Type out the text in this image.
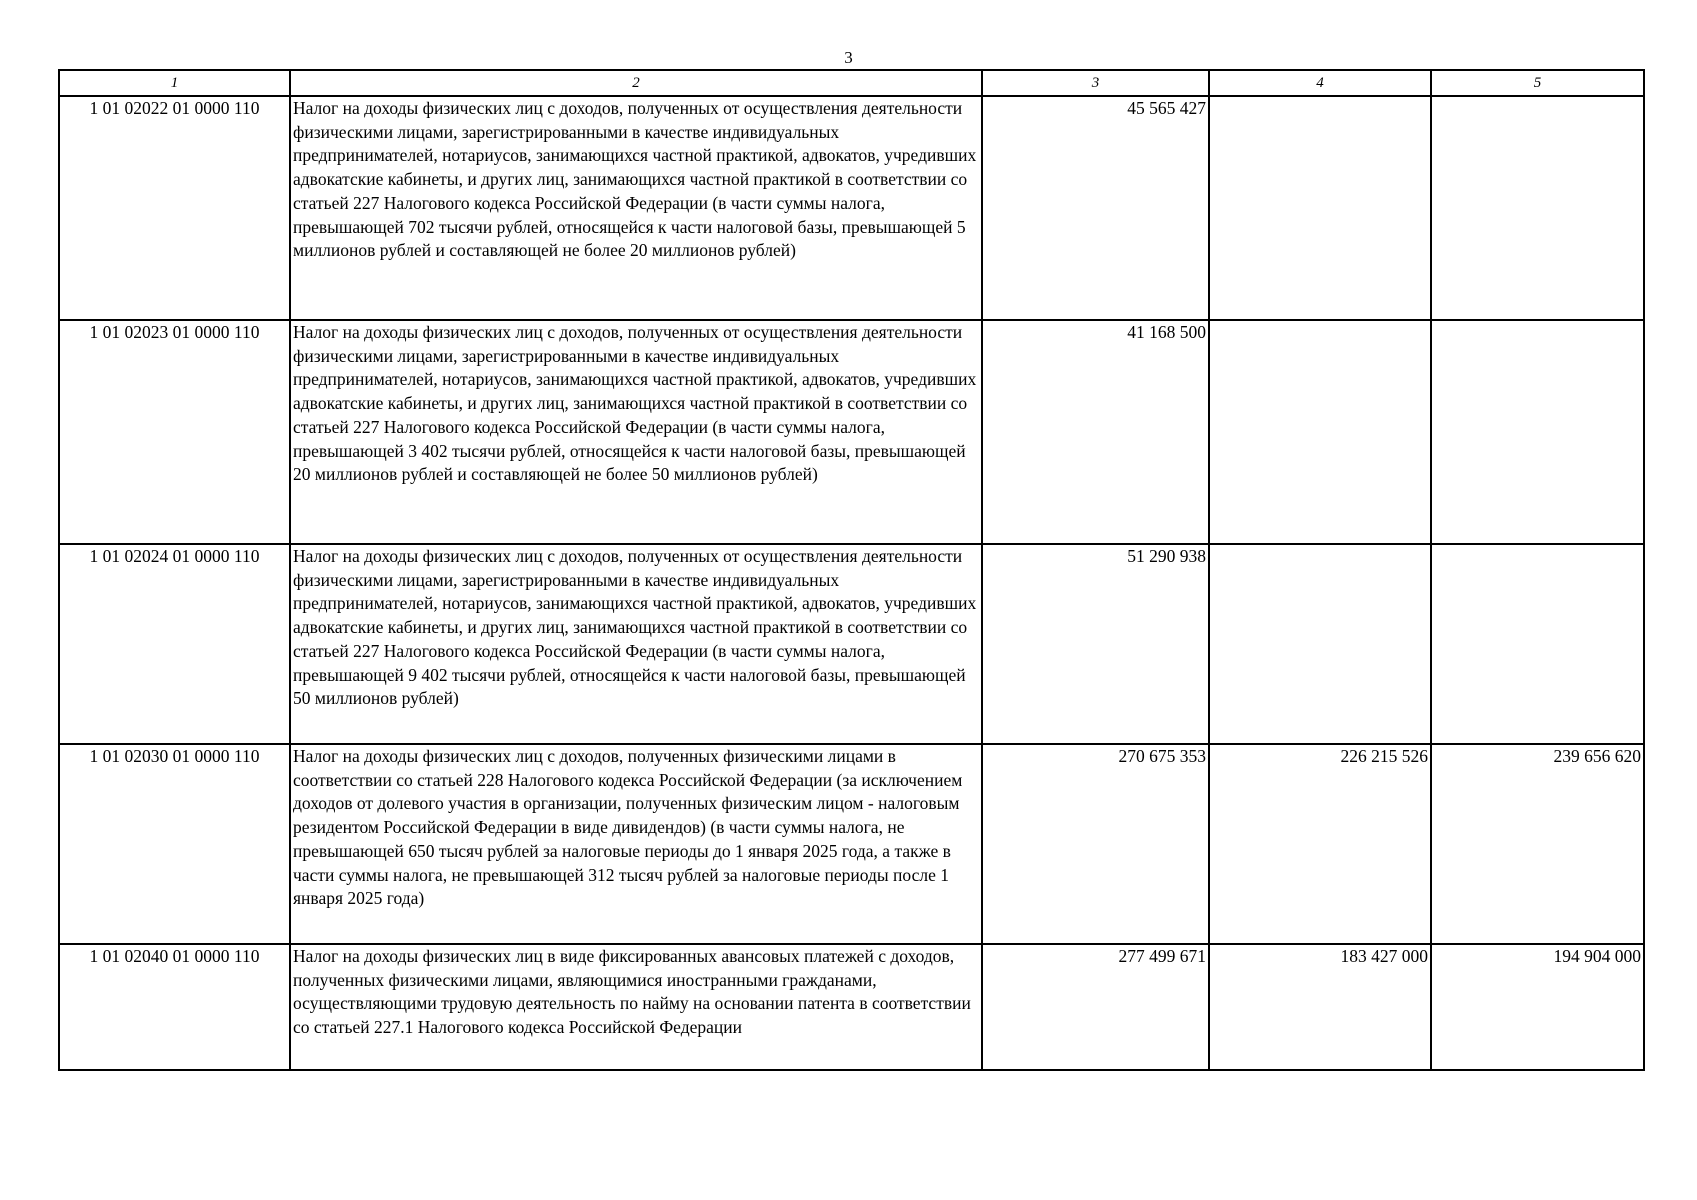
3
1	2	3	4	5
1 01 02022 01 0000 110	Налог на доходы физических лиц с доходов, полученных от осуществления деятельности физическими лицами, зарегистрированными в качестве индивидуальных предпринимателей, нотариусов, занимающихся частной практикой, адвокатов, учредивших адвокатские кабинеты, и других лиц, занимающихся частной практикой в соответствии со статьей 227 Налогового кодекса Российской Федерации (в части суммы налога, превышающей 702 тысячи рублей, относящейся к части налоговой базы, превышающей 5 миллионов рублей и составляющей не более 20 миллионов рублей)	45 565 427		
1 01 02023 01 0000 110	Налог на доходы физических лиц с доходов, полученных от осуществления деятельности физическими лицами, зарегистрированными в качестве индивидуальных предпринимателей, нотариусов, занимающихся частной практикой, адвокатов, учредивших адвокатские кабинеты, и других лиц, занимающихся частной практикой в соответствии со статьей 227 Налогового кодекса Российской Федерации (в части суммы налога, превышающей 3 402 тысячи рублей, относящейся к части налоговой базы, превышающей 20 миллионов рублей и составляющей не более 50 миллионов рублей)	41 168 500		
1 01 02024 01 0000 110	Налог на доходы физических лиц с доходов, полученных от осуществления деятельности физическими лицами, зарегистрированными в качестве индивидуальных предпринимателей, нотариусов, занимающихся частной практикой, адвокатов, учредивших адвокатские кабинеты, и других лиц, занимающихся частной практикой в соответствии со статьей 227 Налогового кодекса Российской Федерации (в части суммы налога, превышающей 9 402 тысячи рублей, относящейся к части налоговой базы, превышающей 50 миллионов рублей)	51 290 938		
1 01 02030 01 0000 110	Налог на доходы физических лиц с доходов, полученных физическими лицами в соответствии со статьей 228 Налогового кодекса Российской Федерации (за исключением доходов от долевого участия в организации, полученных физическим лицом - налоговым резидентом Российской Федерации в виде дивидендов) (в части суммы налога, не превышающей 650 тысяч рублей за налоговые периоды до 1 января 2025 года, а также в части суммы налога, не превышающей 312 тысяч рублей за налоговые периоды после 1 января 2025 года)	270 675 353	226 215 526	239 656 620
1 01 02040 01 0000 110	Налог на доходы физических лиц в виде фиксированных авансовых платежей с доходов, полученных физическими лицами, являющимися иностранными гражданами, осуществляющими трудовую деятельность по найму на основании патента в соответствии со статьей 227.1 Налогового кодекса Российской Федерации	277 499 671	183 427 000	194 904 000
